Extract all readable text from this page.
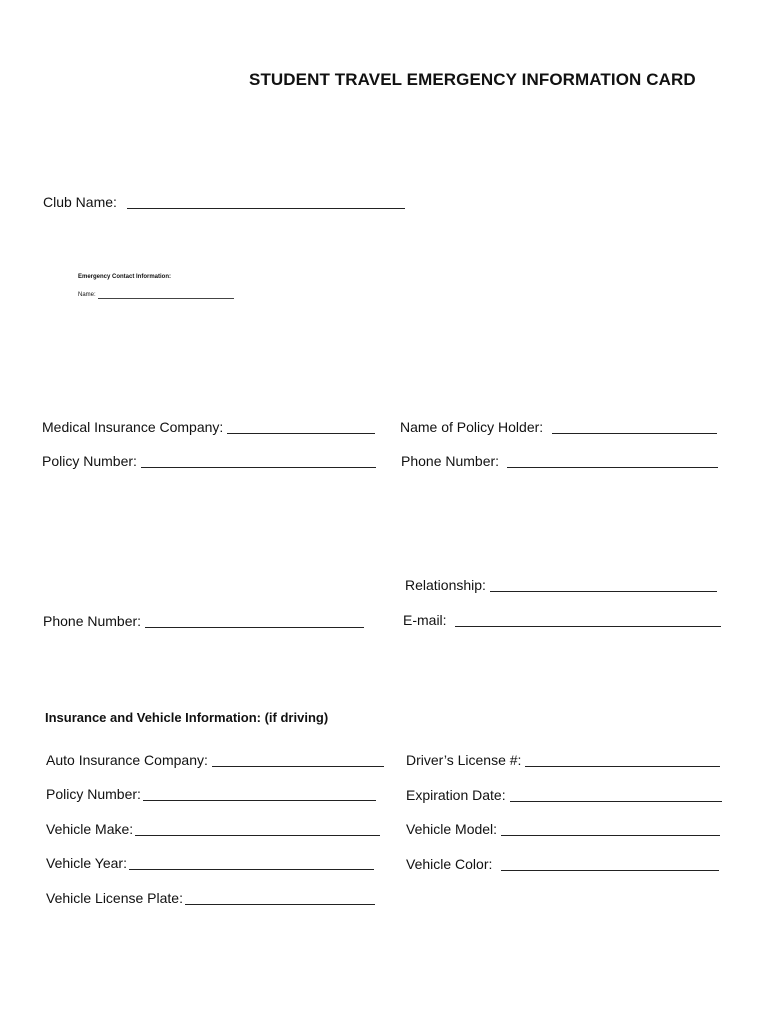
STUDENT TRAVEL EMERGENCY INFORMATION CARD
Club Name:
Emergency Contact Information:
Name:
Medical Insurance Company:	Name of Policy Holder:
Policy Number:	Phone Number:
Relationship:
Phone Number:	E-mail:
Insurance and Vehicle Information: (if driving)
Auto Insurance Company:	Driver’s License #:
Policy Number:	Expiration Date:
Vehicle Make:	Vehicle Model:
Vehicle Year:	Vehicle Color:
Vehicle License Plate:
